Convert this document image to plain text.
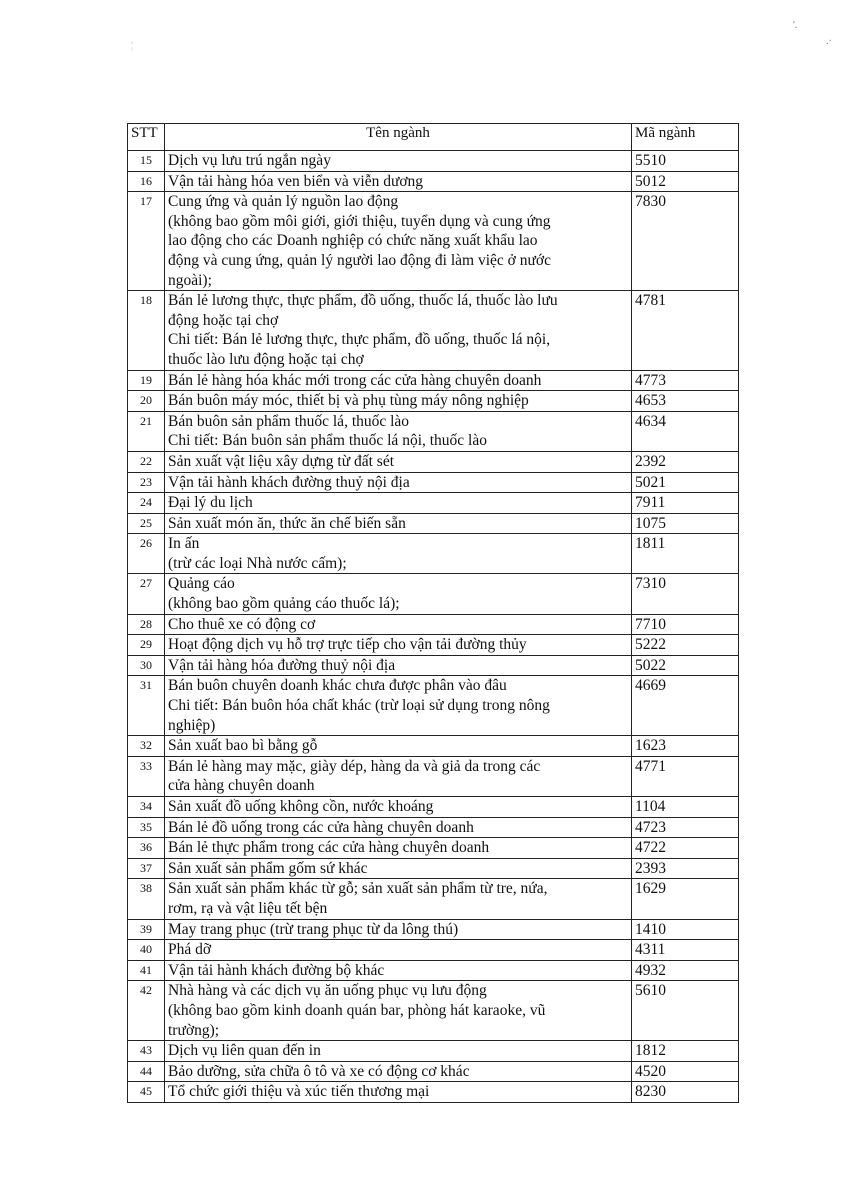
'.
.·
¦
STT	Tên ngành	Mã ngành
15	Dịch vụ lưu trú ngắn ngày	5510
16	Vận tải hàng hóa ven biển và viễn dương	5012
17	Cung ứng và quản lý nguồn lao động
(không bao gồm môi giới, giới thiệu, tuyển dụng và cung ứng
lao động cho các Doanh nghiệp có chức năng xuất khẩu lao
động và cung ứng, quản lý người lao động đi làm việc ở nước
ngoài);	7830
18	Bán lẻ lương thực, thực phẩm, đồ uống, thuốc lá, thuốc lào lưu
động hoặc tại chợ
Chi tiết: Bán lẻ lương thực, thực phẩm, đồ uống, thuốc lá nội,
thuốc lào lưu động hoặc tại chợ	4781
19	Bán lẻ hàng hóa khác mới trong các cửa hàng chuyên doanh	4773
20	Bán buôn máy móc, thiết bị và phụ tùng máy nông nghiệp	4653
21	Bán buôn sản phẩm thuốc lá, thuốc lào
Chi tiết: Bán buôn sản phẩm thuốc lá nội, thuốc lào	4634
22	Sản xuất vật liệu xây dựng từ đất sét	2392
23	Vận tải hành khách đường thuỷ nội địa	5021
24	Đại lý du lịch	7911
25	Sản xuất món ăn, thức ăn chế biến sẵn	1075
26	In ấn
(trừ các loại Nhà nước cấm);	1811
27	Quảng cáo
(không bao gồm quảng cáo thuốc lá);	7310
28	Cho thuê xe có động cơ	7710
29	Hoạt động dịch vụ hỗ trợ trực tiếp cho vận tải đường thủy	5222
30	Vận tải hàng hóa đường thuỷ nội địa	5022
31	Bán buôn chuyên doanh khác chưa được phân vào đâu
Chi tiết: Bán buôn hóa chất khác (trừ loại sử dụng trong nông
nghiệp)	4669
32	Sản xuất bao bì bằng gỗ	1623
33	Bán lẻ hàng may mặc, giày dép, hàng da và giả da trong các
cửa hàng chuyên doanh	4771
34	Sản xuất đồ uống không cồn, nước khoáng	1104
35	Bán lẻ đồ uống trong các cửa hàng chuyên doanh	4723
36	Bán lẻ thực phẩm trong các cửa hàng chuyên doanh	4722
37	Sản xuất sản phẩm gốm sứ khác	2393
38	Sản xuất sản phẩm khác từ gỗ; sản xuất sản phẩm từ tre, nứa,
rơm, rạ và vật liệu tết bện	1629
39	May trang phục (trừ trang phục từ da lông thú)	1410
40	Phá dỡ	4311
41	Vận tải hành khách đường bộ khác	4932
42	Nhà hàng và các dịch vụ ăn uống phục vụ lưu động
(không bao gồm kinh doanh quán bar, phòng hát karaoke, vũ
trường);	5610
43	Dịch vụ liên quan đến in	1812
44	Bảo dưỡng, sửa chữa ô tô và xe có động cơ khác	4520
45	Tổ chức giới thiệu và xúc tiến thương mại	8230
